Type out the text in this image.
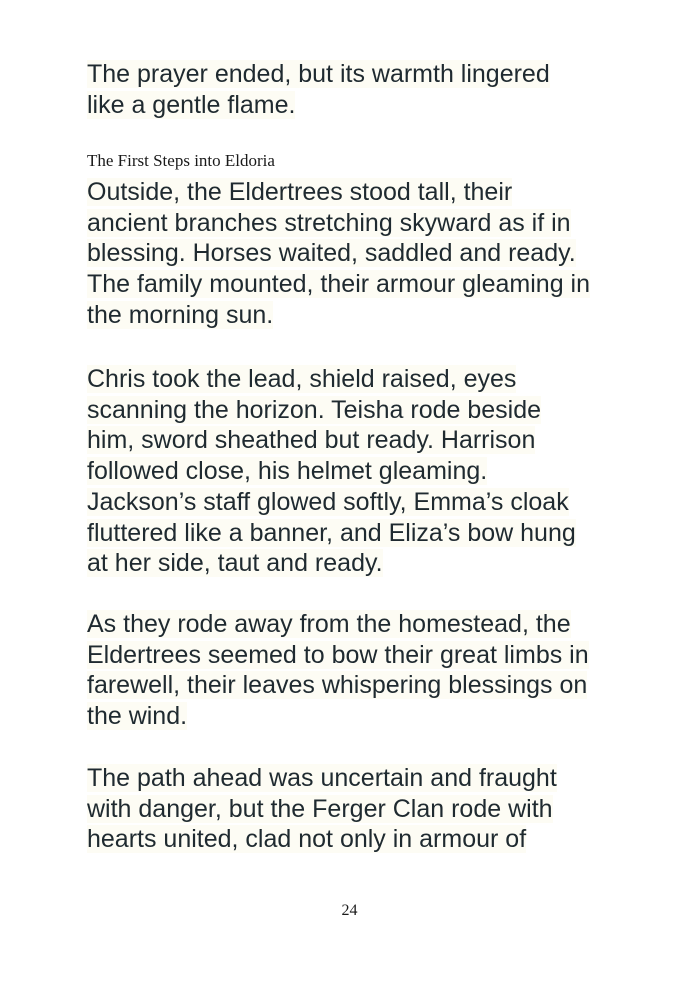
The prayer ended, but its warmth lingered
like a gentle flame.
The First Steps into Eldoria
Outside, the Eldertrees stood tall, their
ancient branches stretching skyward as if in
blessing. Horses waited, saddled and ready.
The family mounted, their armour gleaming in
the morning sun.
Chris took the lead, shield raised, eyes
scanning the horizon. Teisha rode beside
him, sword sheathed but ready. Harrison
followed close, his helmet gleaming.
Jackson’s staff glowed softly, Emma’s cloak
fluttered like a banner, and Eliza’s bow hung
at her side, taut and ready.
As they rode away from the homestead, the
Eldertrees seemed to bow their great limbs in
farewell, their leaves whispering blessings on
the wind.
The path ahead was uncertain and fraught
with danger, but the Ferger Clan rode with
hearts united, clad not only in armour of
24
